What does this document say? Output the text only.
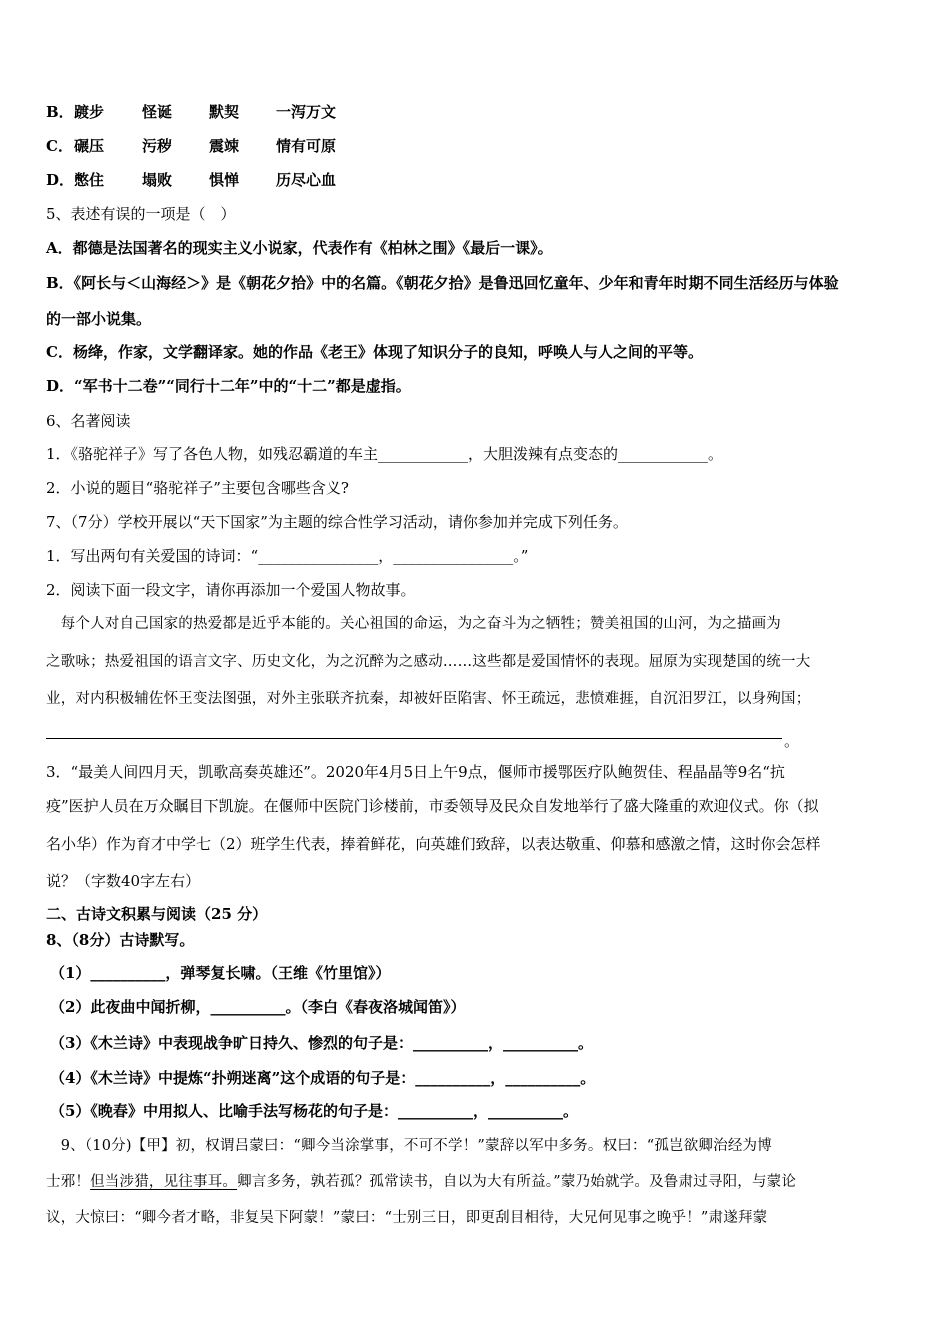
B．踱步	怪诞 默契 一泻万文
C．碾压	污秽 震竦 情有可原
D．憋住	塌败 惧惮 历尽心血
5、表述有误的一项是（　）
A．都德是法国著名的现实主义小说家，代表作有《柏林之围》《最后一课》。
B．《阿长与＜山海经＞》是《朝花夕拾》中的名篇。《朝花夕拾》是鲁迅回忆童年、少年和青年时期不同生活经历与体验
的一部小说集。
C．杨绛，作家，文学翻译家。她的作品《老王》体现了知识分子的良知，呼唤人与人之间的平等。
D．“军书十二卷”“同行十二年”中的“十二”都是虚指。
6、名著阅读
1．《骆驼祥子》写了各色人物，如残忍霸道的车主____________，大胆泼辣有点变态的____________。
2．小说的题目“骆驼祥子”主要包含哪些含义?
7、（7分）学校开展以“天下国家”为主题的综合性学习活动，请你参加并完成下列任务。
1．写出两句有关爱国的诗词：“________________，________________。”
2．阅读下面一段文字，请你再添加一个爱国人物故事。
　每个人对自己国家的热爱都是近乎本能的。关心祖国的命运，为之奋斗为之牺牲；赞美祖国的山河，为之描画为
之歌咏；热爱祖国的语言文字、历史文化，为之沉醉为之感动……这些都是爱国情怀的表现。屈原为实现楚国的统一大
业，对内积极辅佐怀王变法图强，对外主张联齐抗秦，却被奸臣陷害、怀王疏远，悲愤难捱，自沉汨罗江，以身殉国；
。
3．“最美人间四月天，凯歌高奏英雄还”。2020年4月5日上午9点，偃师市援鄂医疗队鲍贺佳、程晶晶等9名“抗
疫”医护人员在万众瞩目下凯旋。在偃师中医院门诊楼前，市委领导及民众自发地举行了盛大隆重的欢迎仪式。你（拟
名小华）作为育才中学七（2）班学生代表，捧着鲜花，向英雄们致辞，以表达敬重、仰慕和感激之情，这时你会怎样
说？（字数40字左右）
二、古诗文积累与阅读（25 分）
8、（8分）古诗默写。
（1）__________，弹琴复长啸。（王维《竹里馆》）
（2）此夜曲中闻折柳，__________。（李白《春夜洛城闻笛》）
（3）《木兰诗》中表现战争旷日持久、惨烈的句子是：__________，__________。
（4）《木兰诗》中提炼“扑朔迷离”这个成语的句子是：__________，__________。
（5）《晚春》中用拟人、比喻手法写杨花的句子是：__________，__________。
　9、（10分)【甲】初，权谓吕蒙曰：“卿今当涂掌事，不可不学！”蒙辞以军中多务。权曰：“孤岂欲卿治经为博
士邪！但当涉猎，见往事耳。卿言多务，孰若孤？孤常读书，自以为大有所益。”蒙乃始就学。及鲁肃过寻阳，与蒙论
议，大惊曰：“卿今者才略，非复吴下阿蒙！”蒙曰：“士别三日，即更刮目相待，大兄何见事之晚乎！”肃遂拜蒙
